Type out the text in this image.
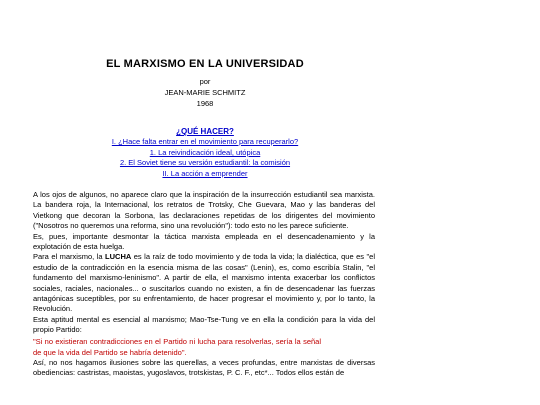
EL MARXISMO EN LA UNIVERSIDAD
por
JEAN-MARIE SCHMITZ
1968
¿QUÉ HACER?
I. ¿Hace falta entrar en el movimiento para recuperarlo?
1. La reivindicación ideal, utópica
2. El Soviet tiene su versión estudiantil: la comisión
II. La acción a emprender

A los ojos de algunos, no aparece claro que la inspiración de la insurrección estudiantil sea marxista. La bandera roja, la Internacional, los retratos de Trotsky, Che Guevara, Mao y las banderas del Vietkong que decoran la Sorbona, las declaraciones repetidas de los dirigentes del movimiento ("Nosotros no queremos una reforma, sino una revolución"): todo esto no les parece suficiente.

Es, pues, importante desmontar la táctica marxista empleada en el desencadenamiento y la explotación de esta huelga.

Para el marxismo, la LUCHA es la raíz de todo movimiento y de toda la vida; la dialéctica, que es "el estudio de la contradicción en la esencia misma de las cosas" (Lenin), es, como escribía Stalin, "el fundamento del marxismo-leninismo". A partir de ella, el marxismo intenta exacerbar los conflictos sociales, raciales, nacionales... o suscitarlos cuando no existen, a fin de desencadenar las fuerzas antagónicas suceptibles, por su enfrentamiento, de hacer progresar el movimiento y, por lo tanto, la Revolución.

Esta aptitud mental es esencial al marxismo; Mao-Tse-Tung ve en ella la condición para la vida del propio Partido:

"Si no existieran contradicciones en el Partido ni lucha para resolverlas, sería la señal de que la vida del Partido se habría detenido".

Así, no nos hagamos ilusiones sobre las querellas, a veces profundas, entre marxistas de diversas obediencias: castristas, maoistas, yugoslavos, trotskistas, P. C. F., etc*... Todos ellos están de
